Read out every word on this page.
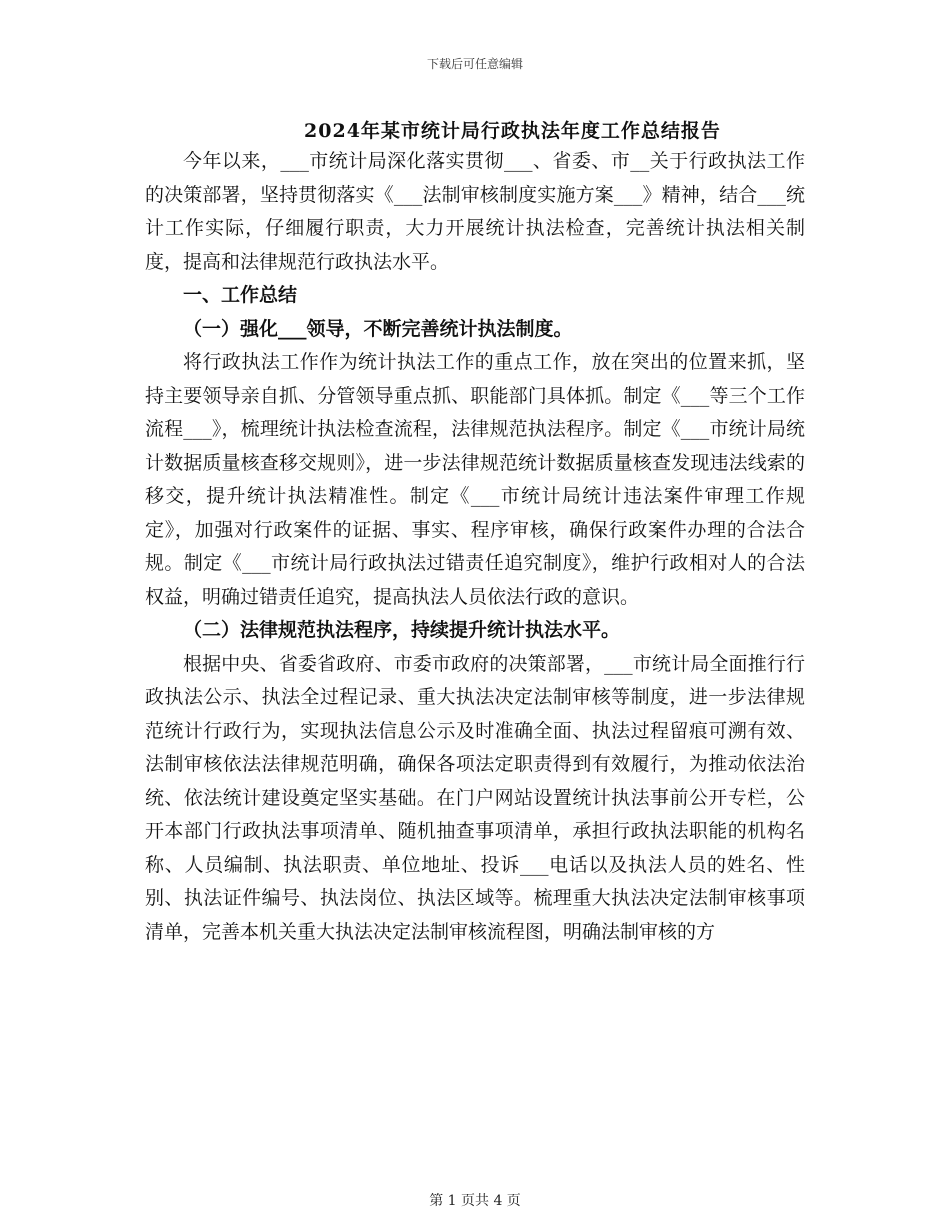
下载后可任意编辑
2024年某市统计局行政执法年度工作总结报告

今年以来，___市统计局深化落实贯彻___、省委、市__关于行政执法工作的决策部署，坚持贯彻落实《___法制审核制度实施方案___》精神，结合___统计工作实际，仔细履行职责，大力开展统计执法检查，完善统计执法相关制度，提高和法律规范行政执法水平。

一、工作总结

（一）强化___领导，不断完善统计执法制度。

将行政执法工作作为统计执法工作的重点工作，放在突出的位置来抓，坚持主要领导亲自抓、分管领导重点抓、职能部门具体抓。制定《___等三个工作流程___》，梳理统计执法检查流程，法律规范执法程序。制定《___市统计局统计数据质量核查移交规则》，进一步法律规范统计数据质量核查发现违法线索的移交，提升统计执法精准性。制定《___市统计局统计违法案件审理工作规定》，加强对行政案件的证据、事实、程序审核，确保行政案件办理的合法合规。制定《___市统计局行政执法过错责任追究制度》，维护行政相对人的合法权益，明确过错责任追究，提高执法人员依法行政的意识。

（二）法律规范执法程序，持续提升统计执法水平。

根据中央、省委省政府、市委市政府的决策部署，___市统计局全面推行行政执法公示、执法全过程记录、重大执法决定法制审核等制度，进一步法律规范统计行政行为，实现执法信息公示及时准确全面、执法过程留痕可溯有效、法制审核依法法律规范明确，确保各项法定职责得到有效履行，为推动依法治统、依法统计建设奠定坚实基础。在门户网站设置统计执法事前公开专栏，公开本部门行政执法事项清单、随机抽查事项清单，承担行政执法职能的机构名称、人员编制、执法职责、单位地址、投诉___电话以及执法人员的姓名、性别、执法证件编号、执法岗位、执法区域等。梳理重大执法决定法制审核事项清单，完善本机关重大执法决定法制审核流程图，明确法制审核的方

第 1 页共 4 页
